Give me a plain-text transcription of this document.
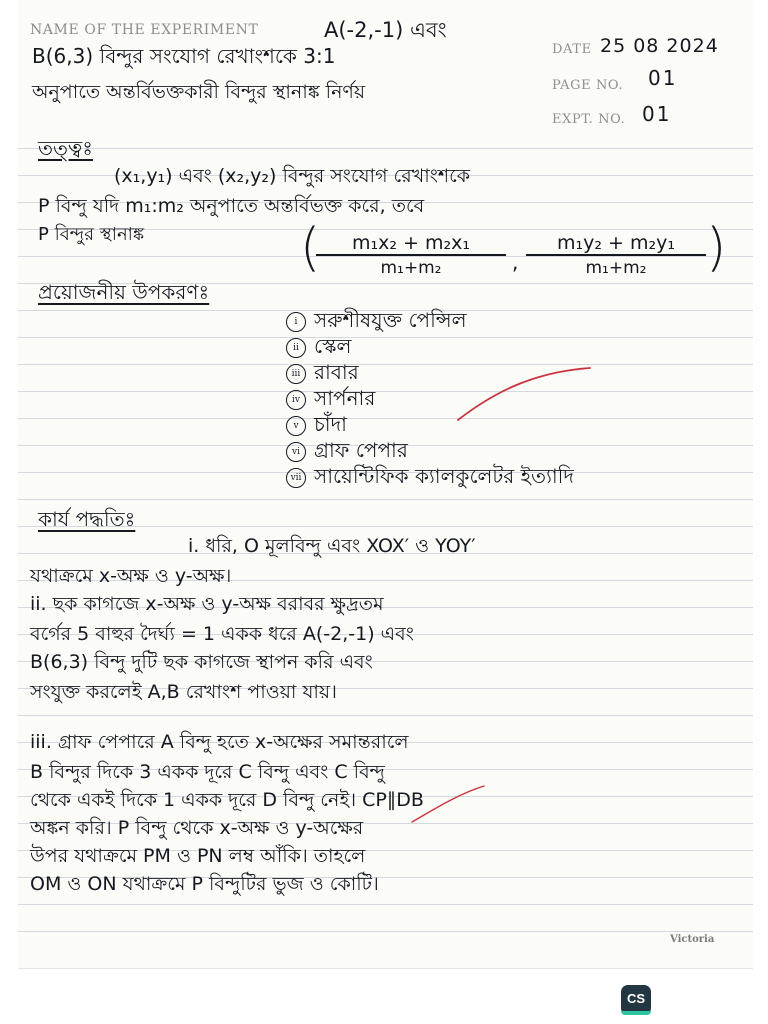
NAME OF THE EXPERIMENT	A(-2,-1) এবং
B(6,3) বিন্দুর সংযোগ রেখাংশকে 3:1
অনুপাতে অন্তর্বিভক্তকারী বিন্দুর স্থানাঙ্ক নির্ণয়
DATE 25 08 2024
PAGE NO. 01
EXPT. NO. 01
তত্ত্বঃ
(x₁,y₁) এবং (x₂,y₂) বিন্দুর সংযোগ রেখাংশকে
P বিন্দু যদি m₁:m₂ অনুপাতে অন্তর্বিভক্ত করে, তবে
P বিন্দুর স্থানাঙ্ক	(
$\frac{\text{m₁x₂ + m₂x₁}}{\text{m₁+m₂}}$ , $\frac{\text{m₁y₂ + m₂y₁}}{\text{m₁+m₂}}$ )
প্রয়োজনীয় উপকরণঃ
i সরুশীষযুক্ত পেন্সিল
ii স্কেল
iii রাবার
iv সার্পনার
v চাঁদা
vi গ্রাফ পেপার
vii সায়েন্টিফিক ক্যালকুলেটর ইত্যাদি
কার্য পদ্ধতিঃ
i. ধরি, O মূলবিন্দু এবং XOX′ ও YOY′
যথাক্রমে x-অক্ষ ও y-অক্ষ।
ii. ছক কাগজে x-অক্ষ ও y-অক্ষ বরাবর ক্ষুদ্রতম
বর্গের 5 বাহুর দৈর্ঘ্য = 1 একক ধরে A(-2,-1) এবং
B(6,3) বিন্দু দুটি ছক কাগজে স্থাপন করি এবং
সংযুক্ত করলেই A,B রেখাংশ পাওয়া যায়।
iii. গ্রাফ পেপারে A বিন্দু হতে x-অক্ষের সমান্তরালে
B বিন্দুর দিকে 3 একক দূরে C বিন্দু এবং C বিন্দু
থেকে একই দিকে 1 একক দূরে D বিন্দু নেই। CP∥DB
অঙ্কন করি। P বিন্দু থেকে x-অক্ষ ও y-অক্ষের
উপর যথাক্রমে PM ও PN লম্ব আঁকি। তাহলে
OM ও ON যথাক্রমে P বিন্দুটির ভুজ ও কোটি।
Victoria
CS
